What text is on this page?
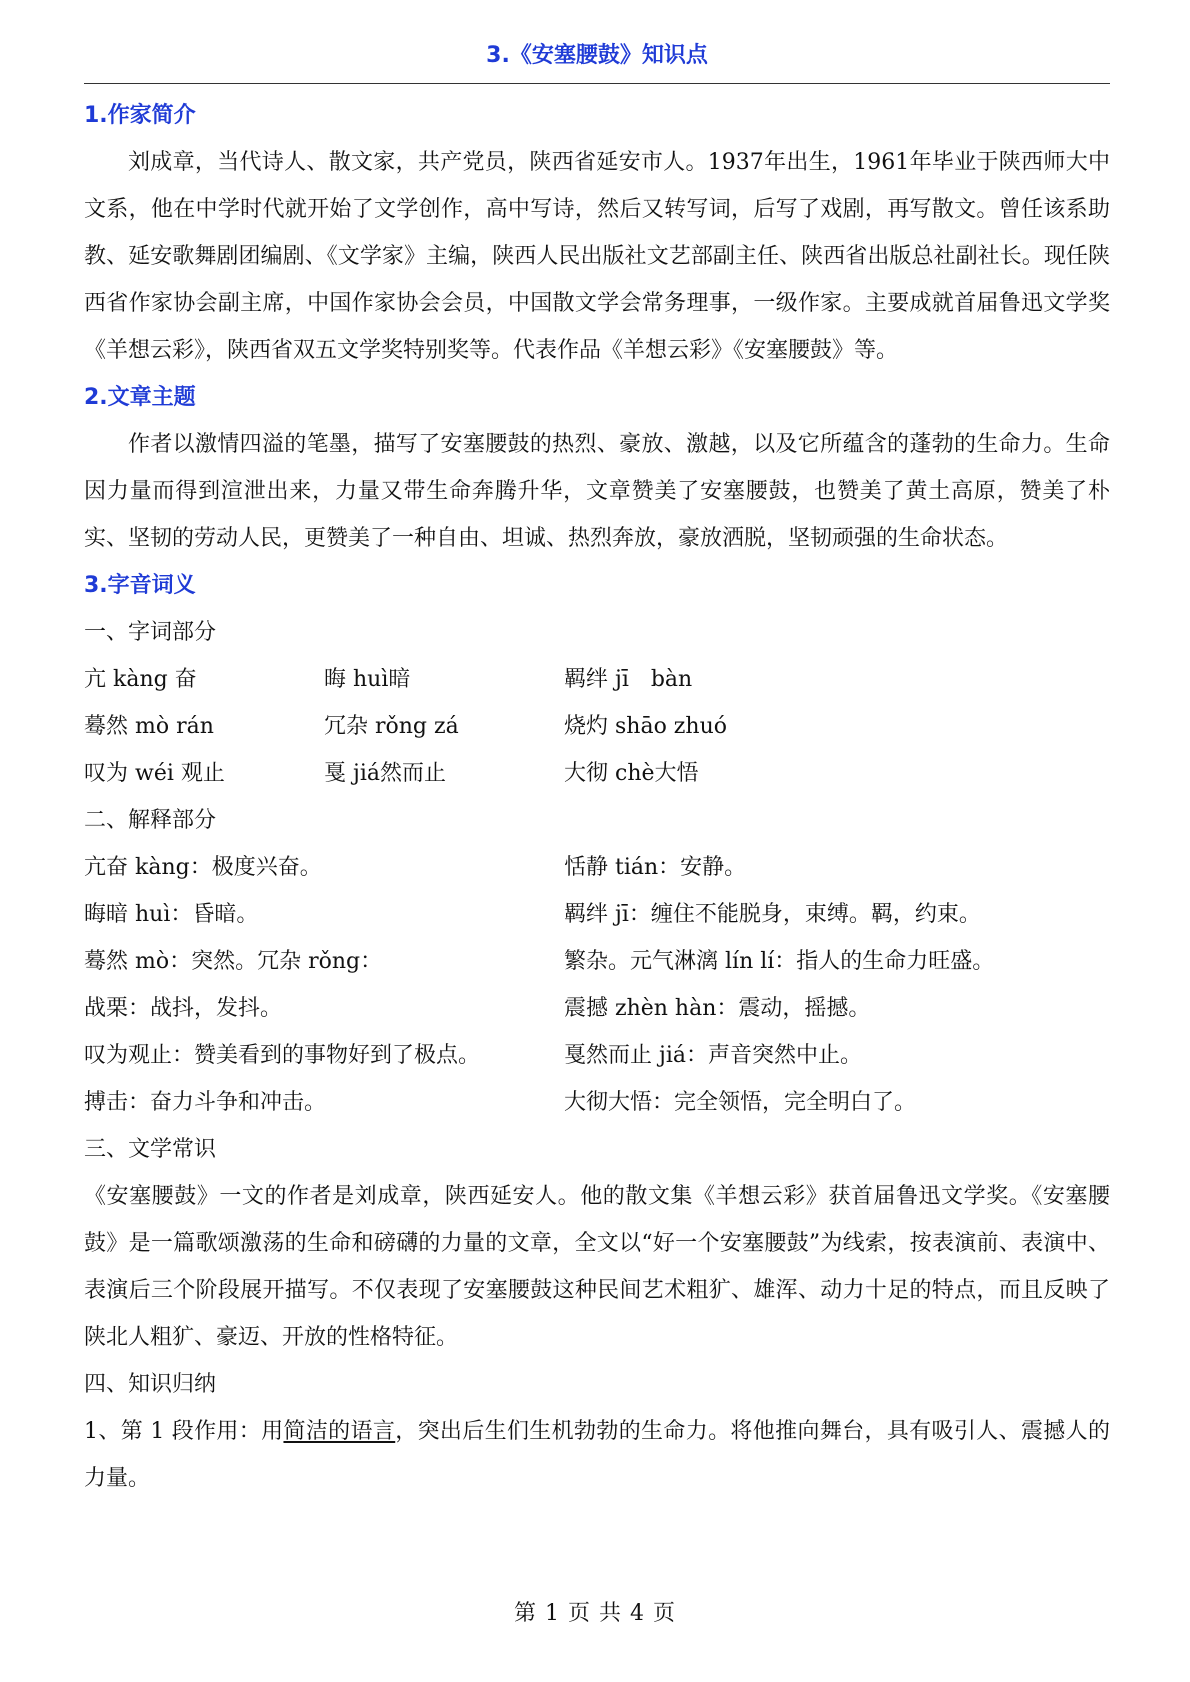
3.《安塞腰鼓》知识点
1.作家简介

刘成章，当代诗人、散文家，共产党员，陕西省延安市人。1937年出生，1961年毕业于陕西师大中文系，他在中学时代就开始了文学创作，高中写诗，然后又转写词，后写了戏剧，再写散文。曾任该系助教、延安歌舞剧团编剧、《文学家》主编，陕西人民出版社文艺部副主任、陕西省出版总社副社长。现任陕西省作家协会副主席，中国作家协会会员，中国散文学会常务理事，一级作家。主要成就首届鲁迅文学奖《羊想云彩》，陕西省双五文学奖特别奖等。代表作品《羊想云彩》《安塞腰鼓》等。

2.文章主题

作者以激情四溢的笔墨，描写了安塞腰鼓的热烈、豪放、激越，以及它所蕴含的蓬勃的生命力。生命因力量而得到渲泄出来，力量又带生命奔腾升华，文章赞美了安塞腰鼓，也赞美了黄土高原，赞美了朴实、坚韧的劳动人民，更赞美了一种自由、坦诚、热烈奔放，豪放洒脱，坚韧顽强的生命状态。

3.字音词义
一、字词部分
亢 kàng 奋	晦 huì暗	羁绊 jī　bàn
蓦然 mò rán	冗杂 rǒng zá	烧灼 shāo zhuó
叹为 wéi 观止	戛 jiá然而止	大彻 chè大悟
二、解释部分
亢奋 kàng：极度兴奋。	恬静 tián：安静。
晦暗 huì：昏暗。	羁绊 jī：缠住不能脱身，束缚。羁，约束。
蓦然 mò：突然。冗杂 rǒng：	繁杂。元气淋漓 lín lí：指人的生命力旺盛。
战栗：战抖，发抖。	震撼 zhèn hàn：震动，摇撼。
叹为观止：赞美看到的事物好到了极点。	戛然而止 jiá：声音突然中止。
搏击：奋力斗争和冲击。	大彻大悟：完全领悟，完全明白了。
三、文学常识

《安塞腰鼓》一文的作者是刘成章，陕西延安人。他的散文集《羊想云彩》获首届鲁迅文学奖。《安塞腰鼓》是一篇歌颂激荡的生命和磅礴的力量的文章，全文以“好一个安塞腰鼓”为线索，按表演前、表演中、表演后三个阶段展开描写。不仅表现了安塞腰鼓这种民间艺术粗犷、雄浑、动力十足的特点，而且反映了陕北人粗犷、豪迈、开放的性格特征。

四、知识归纳

1、第 1 段作用：用简洁的语言，突出后生们生机勃勃的生命力。将他推向舞台，具有吸引人、震撼人的力量。

第 1 页 共 4 页
